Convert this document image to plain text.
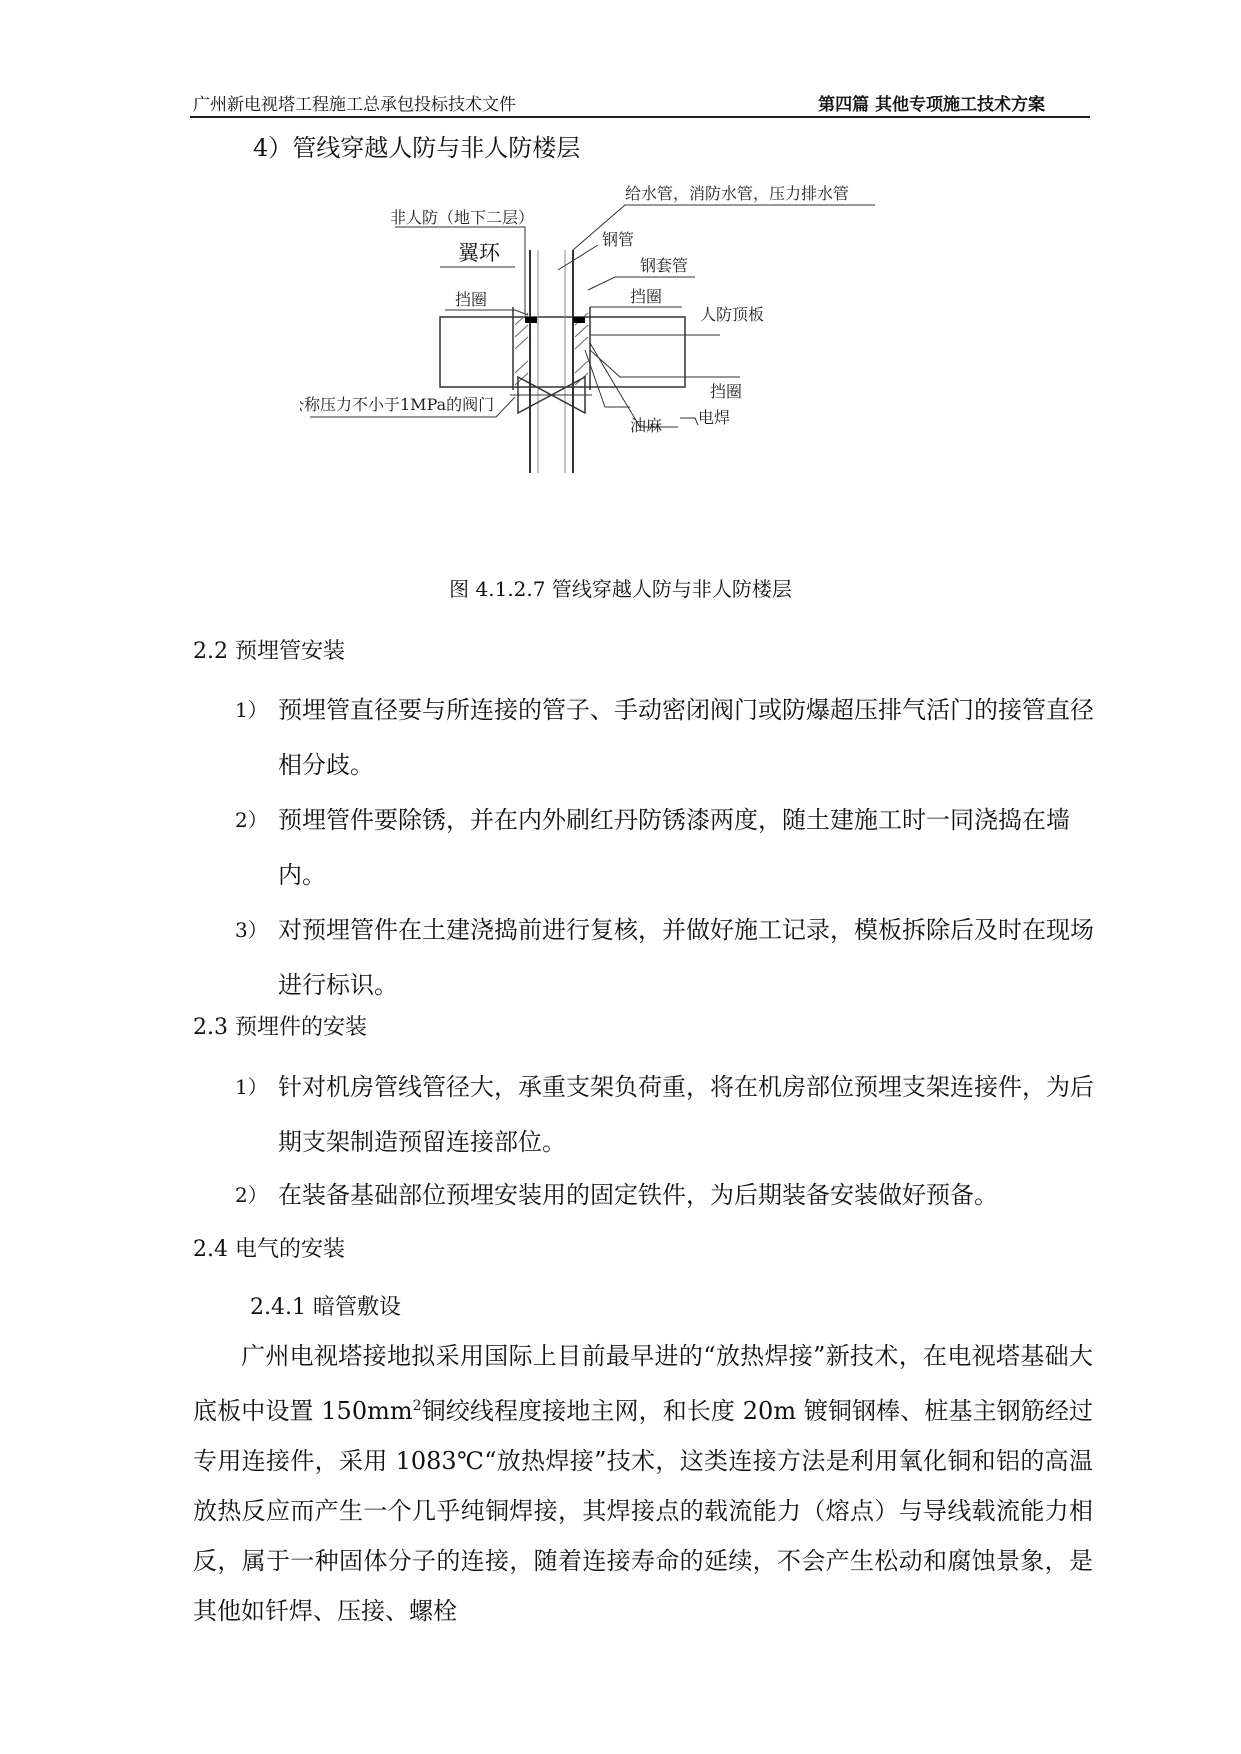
广州新电视塔工程施工总承包投标技术文件	第四篇 其他专项施工技术方案
4）管线穿越人防与非人防楼层
给水管，消防水管，压力排水管
非人防（地下二层）
翼环
钢管
钢套管
挡圈	挡圈
人防顶板
挡圈
公称压力不小于1MPa的阀门
电焊
油麻
图 4.1.2.7 管线穿越人防与非人防楼层
2.2 预埋管安装
1） 预埋管直径要与所连接的管子、手动密闭阀门或防爆超压排气活门的接管直径相分歧。
2） 预埋管件要除锈，并在内外刷红丹防锈漆两度，随土建施工时一同浇捣在墙内。
3） 对预埋管件在土建浇捣前进行复核，并做好施工记录，模板拆除后及时在现场进行标识。
2.3 预埋件的安装
1） 针对机房管线管径大，承重支架负荷重，将在机房部位预埋支架连接件，为后期支架制造预留连接部位。
2） 在装备基础部位预埋安装用的固定铁件，为后期装备安装做好预备。
2.4 电气的安装
2.4.1 暗管敷设
广州电视塔接地拟采用国际上目前最早进的“放热焊接”新技术，在电视塔基础大底板中设置 $150mm^2$铜绞线程度接地主网，和长度 20m 镀铜钢棒、桩基主钢筋经过专用连接件，采用 1083℃“放热焊接”技术，这类连接方法是利用氧化铜和铝的高温放热反应而产生一个几乎纯铜焊接，其焊接点的载流能力（熔点）与导线载流能力相反，属于一种固体分子的连接，随着连接寿命的延续，不会产生松动和腐蚀景象，是其他如钎焊、压接、螺栓
